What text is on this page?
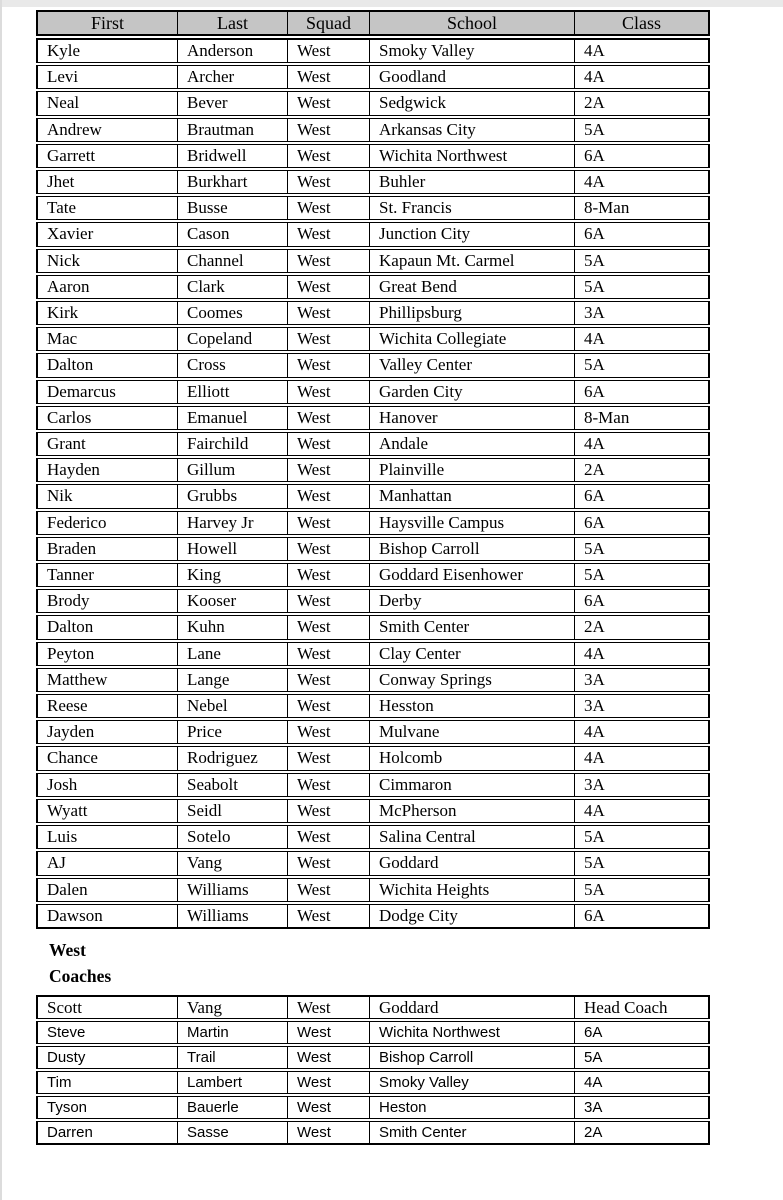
First	Last	Squad	School	Class
Kyle	Anderson	West	Smoky Valley	4A
Levi	Archer	West	Goodland	4A
Neal	Bever	West	Sedgwick	2A
Andrew	Brautman	West	Arkansas City	5A
Garrett	Bridwell	West	Wichita Northwest	6A
Jhet	Burkhart	West	Buhler	4A
Tate	Busse	West	St. Francis	8-Man
Xavier	Cason	West	Junction City	6A
Nick	Channel	West	Kapaun Mt. Carmel	5A
Aaron	Clark	West	Great Bend	5A
Kirk	Coomes	West	Phillipsburg	3A
Mac	Copeland	West	Wichita Collegiate	4A
Dalton	Cross	West	Valley Center	5A
Demarcus	Elliott	West	Garden City	6A
Carlos	Emanuel	West	Hanover	8-Man
Grant	Fairchild	West	Andale	4A
Hayden	Gillum	West	Plainville	2A
Nik	Grubbs	West	Manhattan	6A
Federico	Harvey Jr	West	Haysville Campus	6A
Braden	Howell	West	Bishop Carroll	5A
Tanner	King	West	Goddard Eisenhower	5A
Brody	Kooser	West	Derby	6A
Dalton	Kuhn	West	Smith Center	2A
Peyton	Lane	West	Clay Center	4A
Matthew	Lange	West	Conway Springs	3A
Reese	Nebel	West	Hesston	3A
Jayden	Price	West	Mulvane	4A
Chance	Rodriguez	West	Holcomb	4A
Josh	Seabolt	West	Cimmaron	3A
Wyatt	Seidl	West	McPherson	4A
Luis	Sotelo	West	Salina Central	5A
AJ	Vang	West	Goddard	5A
Dalen	Williams	West	Wichita Heights	5A
Dawson	Williams	West	Dodge City	6A
West
Coaches
Scott	Vang	West	Goddard	Head Coach
Steve	Martin	West	Wichita Northwest	6A
Dusty	Trail	West	Bishop Carroll	5A
Tim	Lambert	West	Smoky Valley	4A
Tyson	Bauerle	West	Heston	3A
Darren	Sasse	West	Smith Center	2A
